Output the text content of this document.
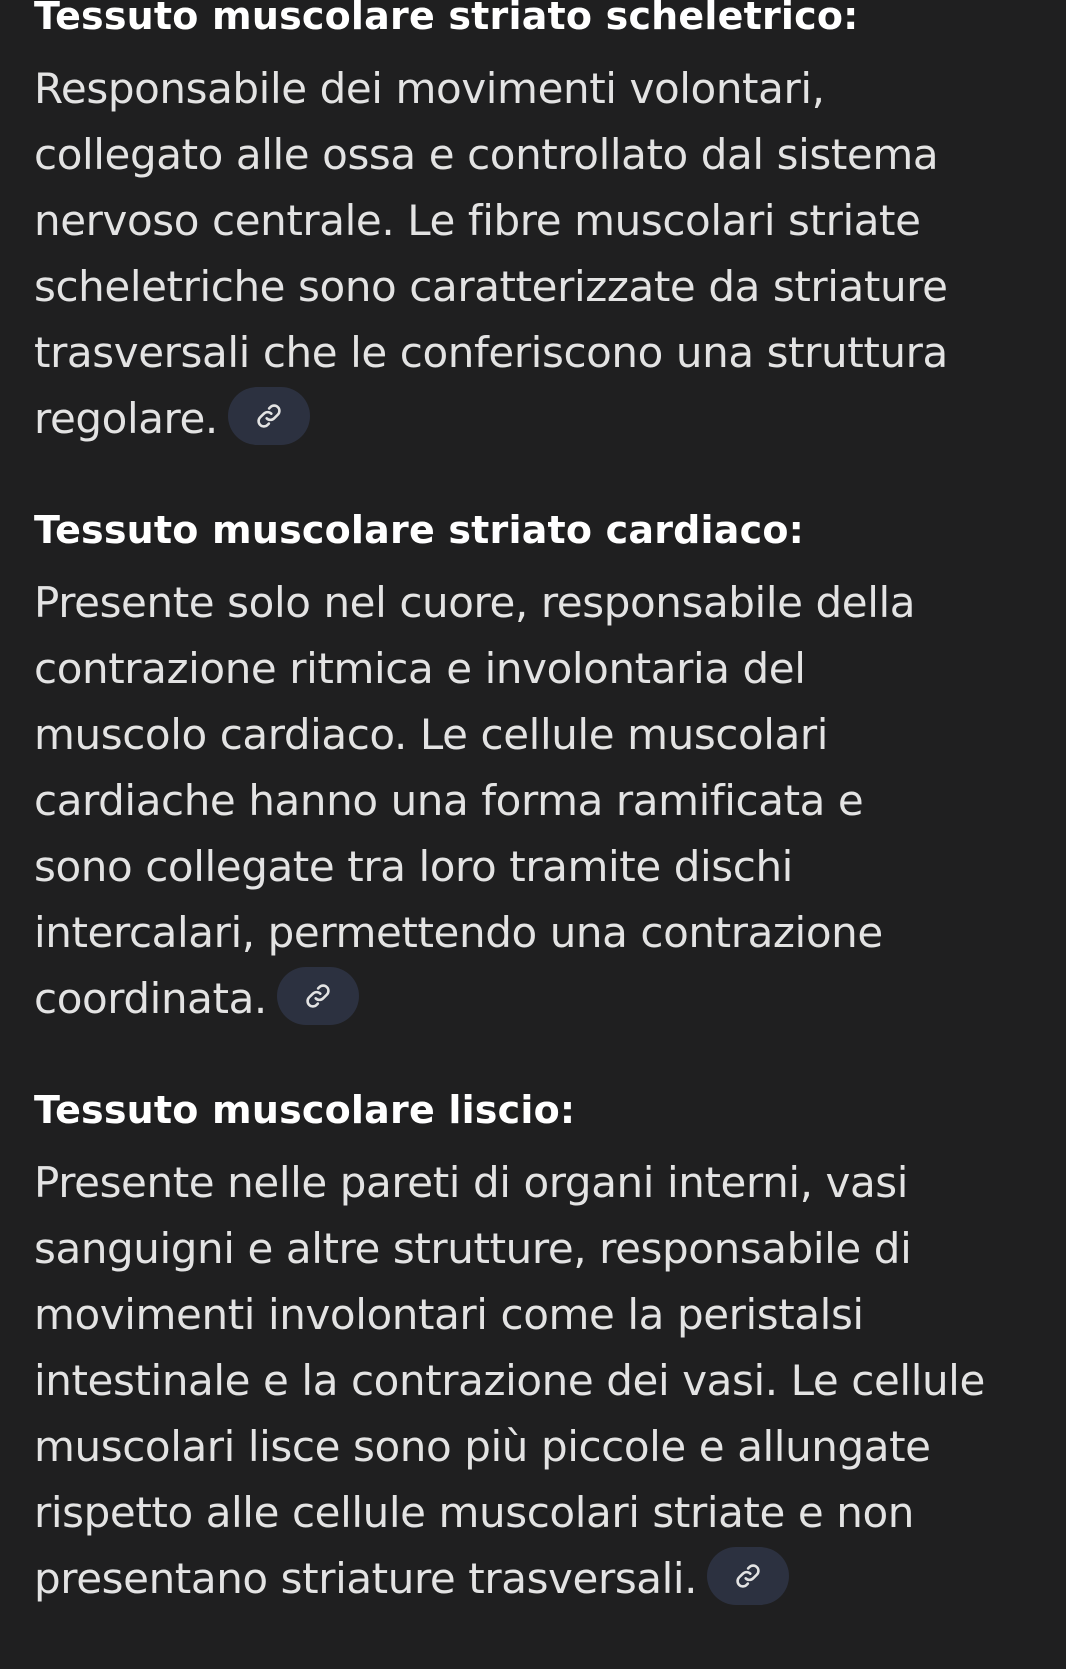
Tessuto muscolare striato scheletrico:

Responsabile dei movimenti volontari,
collegato alle ossa e controllato dal sistema
nervoso centrale. Le fibre muscolari striate
scheletriche sono caratterizzate da striature
trasversali che le conferiscono una struttura
regolare.

Tessuto muscolare striato cardiaco:

Presente solo nel cuore, responsabile della
contrazione ritmica e involontaria del
muscolo cardiaco. Le cellule muscolari
cardiache hanno una forma ramificata e
sono collegate tra loro tramite dischi
intercalari, permettendo una contrazione
coordinata.

Tessuto muscolare liscio:

Presente nelle pareti di organi interni, vasi
sanguigni e altre strutture, responsabile di
movimenti involontari come la peristalsi
intestinale e la contrazione dei vasi. Le cellule
muscolari lisce sono più piccole e allungate
rispetto alle cellule muscolari striate e non
presentano striature trasversali.
